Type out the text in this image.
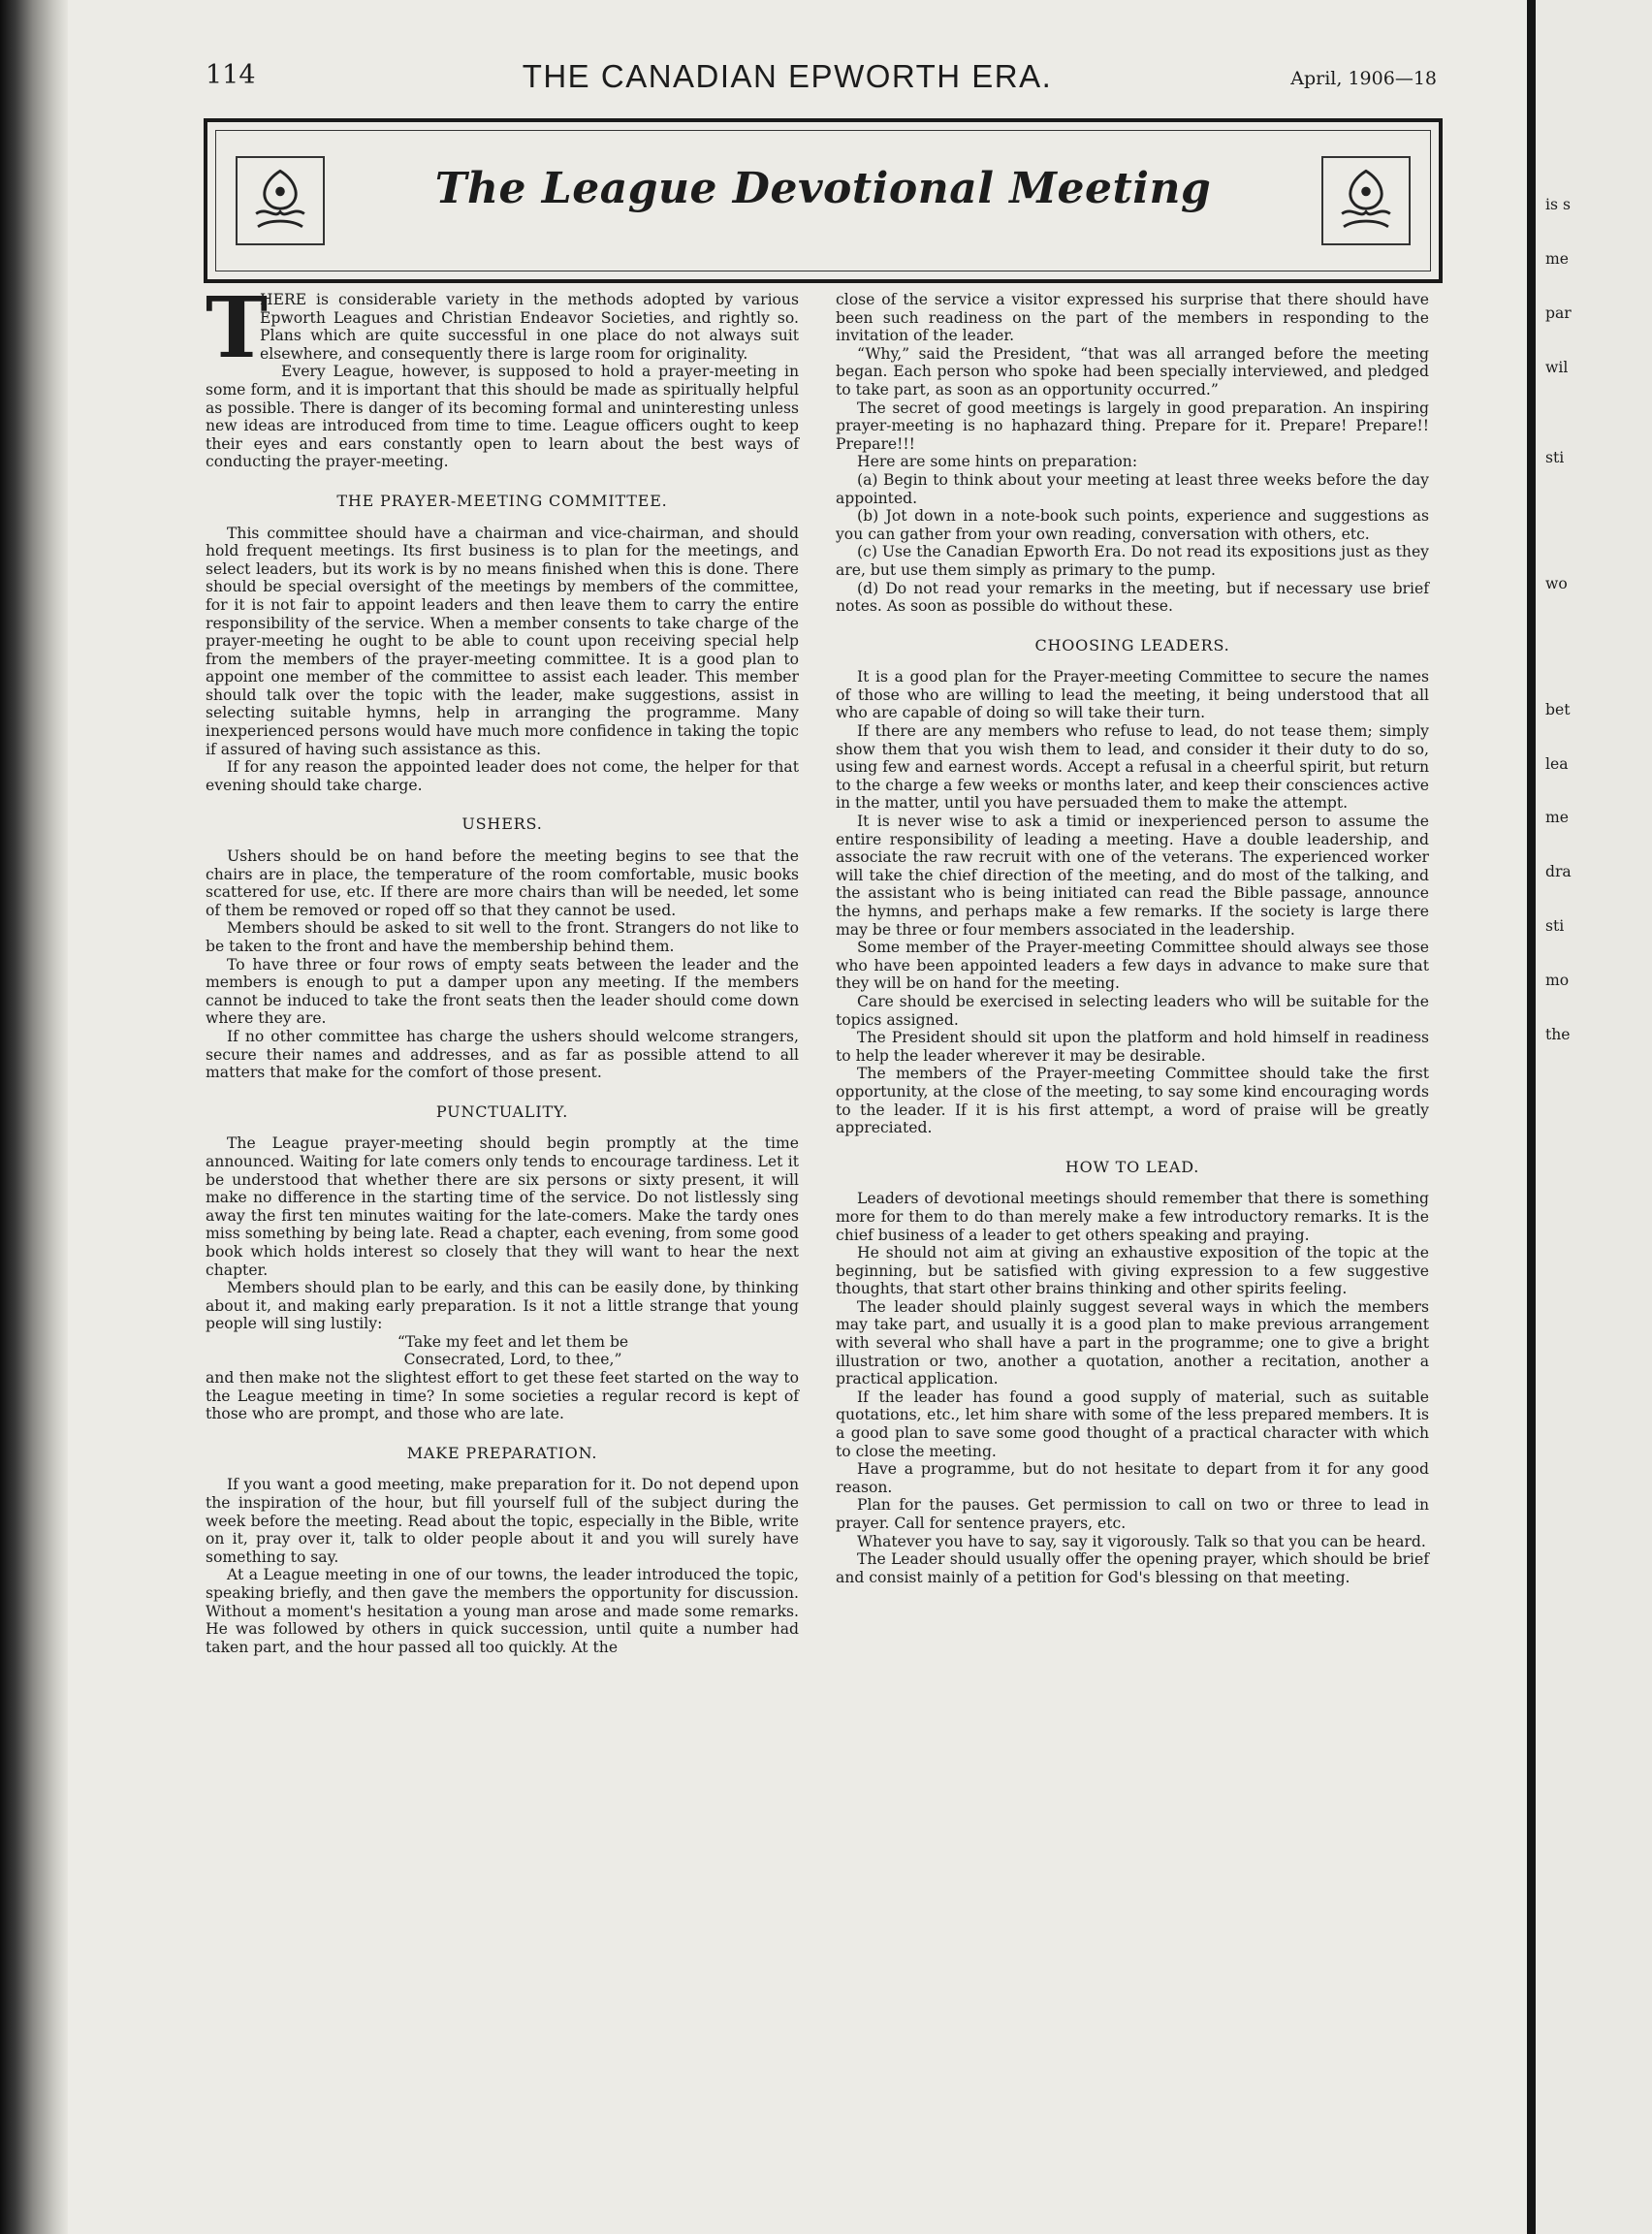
114	THE CANADIAN EPWORTH ERA.	April, 1906—18
The League Devotional Meeting

T
HERE is considerable variety in the methods adopted by various Epworth Leagues and Christian Endeavor Societies, and rightly so. Plans which are quite successful in one place do not always suit elsewhere, and consequently there is large room for originality.

Every League, however, is supposed to hold a prayer-meeting in some form, and it is important that this should be made as spiritually helpful as possible. There is danger of its becoming formal and uninteresting unless new ideas are introduced from time to time. League officers ought to keep their eyes and ears constantly open to learn about the best ways of conducting the prayer-meeting.

THE PRAYER-MEETING COMMITTEE.

This committee should have a chairman and vice-chairman, and should hold frequent meetings. Its first business is to plan for the meetings, and select leaders, but its work is by no means finished when this is done. There should be special oversight of the meetings by members of the committee, for it is not fair to appoint leaders and then leave them to carry the entire responsibility of the service. When a member consents to take charge of the prayer-meeting he ought to be able to count upon receiving special help from the members of the prayer-meeting committee. It is a good plan to appoint one member of the committee to assist each leader. This member should talk over the topic with the leader, make suggestions, assist in selecting suitable hymns, help in arranging the programme. Many inexperienced persons would have much more confidence in taking the topic if assured of having such assistance as this.

If for any reason the appointed leader does not come, the helper for that evening should take charge.

USHERS.

Ushers should be on hand before the meeting begins to see that the chairs are in place, the temperature of the room comfortable, music books scattered for use, etc. If there are more chairs than will be needed, let some of them be removed or roped off so that they cannot be used.

Members should be asked to sit well to the front. Strangers do not like to be taken to the front and have the membership behind them.

To have three or four rows of empty seats between the leader and the members is enough to put a damper upon any meeting. If the members cannot be induced to take the front seats then the leader should come down where they are.

If no other committee has charge the ushers should welcome strangers, secure their names and addresses, and as far as possible attend to all matters that make for the comfort of those present.

PUNCTUALITY.

The League prayer-meeting should begin promptly at the time announced. Waiting for late comers only tends to encourage tardiness. Let it be understood that whether there are six persons or sixty present, it will make no difference in the starting time of the service. Do not listlessly sing away the first ten minutes waiting for the late-comers. Make the tardy ones miss something by being late. Read a chapter, each evening, from some good book which holds interest so closely that they will want to hear the next chapter.

Members should plan to be early, and this can be easily done, by thinking about it, and making early preparation. Is it not a little strange that young people will sing lustily:

“Take my feet and let them be
Consecrated, Lord, to thee,”

and then make not the slightest effort to get these feet started on the way to the League meeting in time? In some societies a regular record is kept of those who are prompt, and those who are late.

MAKE PREPARATION.

If you want a good meeting, make preparation for it. Do not depend upon the inspiration of the hour, but fill yourself full of the subject during the week before the meeting. Read about the topic, especially in the Bible, write on it, pray over it, talk to older people about it and you will surely have something to say.

At a League meeting in one of our towns, the leader introduced the topic, speaking briefly, and then gave the members the opportunity for discussion. Without a moment's hesitation a young man arose and made some remarks. He was followed by others in quick succession, until quite a number had taken part, and the hour passed all too quickly. At the

close of the service a visitor expressed his surprise that there should have been such readiness on the part of the members in responding to the invitation of the leader.

“Why,” said the President, “that was all arranged before the meeting began. Each person who spoke had been specially interviewed, and pledged to take part, as soon as an opportunity occurred.”

The secret of good meetings is largely in good preparation. An inspiring prayer-meeting is no haphazard thing. Prepare for it. Prepare! Prepare!! Prepare!!!

Here are some hints on preparation:

(a) Begin to think about your meeting at least three weeks before the day appointed.

(b) Jot down in a note-book such points, experience and suggestions as you can gather from your own reading, conversation with others, etc.

(c) Use the Canadian Epworth Era. Do not read its expositions just as they are, but use them simply as primary to the pump.

(d) Do not read your remarks in the meeting, but if necessary use brief notes. As soon as possible do without these.

CHOOSING LEADERS.

It is a good plan for the Prayer-meeting Committee to secure the names of those who are willing to lead the meeting, it being understood that all who are capable of doing so will take their turn.

If there are any members who refuse to lead, do not tease them; simply show them that you wish them to lead, and consider it their duty to do so, using few and earnest words. Accept a refusal in a cheerful spirit, but return to the charge a few weeks or months later, and keep their consciences active in the matter, until you have persuaded them to make the attempt.

It is never wise to ask a timid or inexperienced person to assume the entire responsibility of leading a meeting. Have a double leadership, and associate the raw recruit with one of the veterans. The experienced worker will take the chief direction of the meeting, and do most of the talking, and the assistant who is being initiated can read the Bible passage, announce the hymns, and perhaps make a few remarks. If the society is large there may be three or four members associated in the leadership.

Some member of the Prayer-meeting Committee should always see those who have been appointed leaders a few days in advance to make sure that they will be on hand for the meeting.

Care should be exercised in selecting leaders who will be suitable for the topics assigned.

The President should sit upon the platform and hold himself in readiness to help the leader wherever it may be desirable.

The members of the Prayer-meeting Committee should take the first opportunity, at the close of the meeting, to say some kind encouraging words to the leader. If it is his first attempt, a word of praise will be greatly appreciated.

HOW TO LEAD.

Leaders of devotional meetings should remember that there is something more for them to do than merely make a few introductory remarks. It is the chief business of a leader to get others speaking and praying.

He should not aim at giving an exhaustive exposition of the topic at the beginning, but be satisfied with giving expression to a few suggestive thoughts, that start other brains thinking and other spirits feeling.

The leader should plainly suggest several ways in which the members may take part, and usually it is a good plan to make previous arrangement with several who shall have a part in the programme; one to give a bright illustration or two, another a quotation, another a recitation, another a practical application.

If the leader has found a good supply of material, such as suitable quotations, etc., let him share with some of the less prepared members. It is a good plan to save some good thought of a practical character with which to close the meeting.

Have a programme, but do not hesitate to depart from it for any good reason.

Plan for the pauses. Get permission to call on two or three to lead in prayer. Call for sentence prayers, etc.

Whatever you have to say, say it vigorously. Talk so that you can be heard.

The Leader should usually offer the opening prayer, which should be brief and consist mainly of a petition for God's blessing on that meeting.

is s

me

par

wil

sti

wo

bet

lea

me

dra

sti

mo

the
